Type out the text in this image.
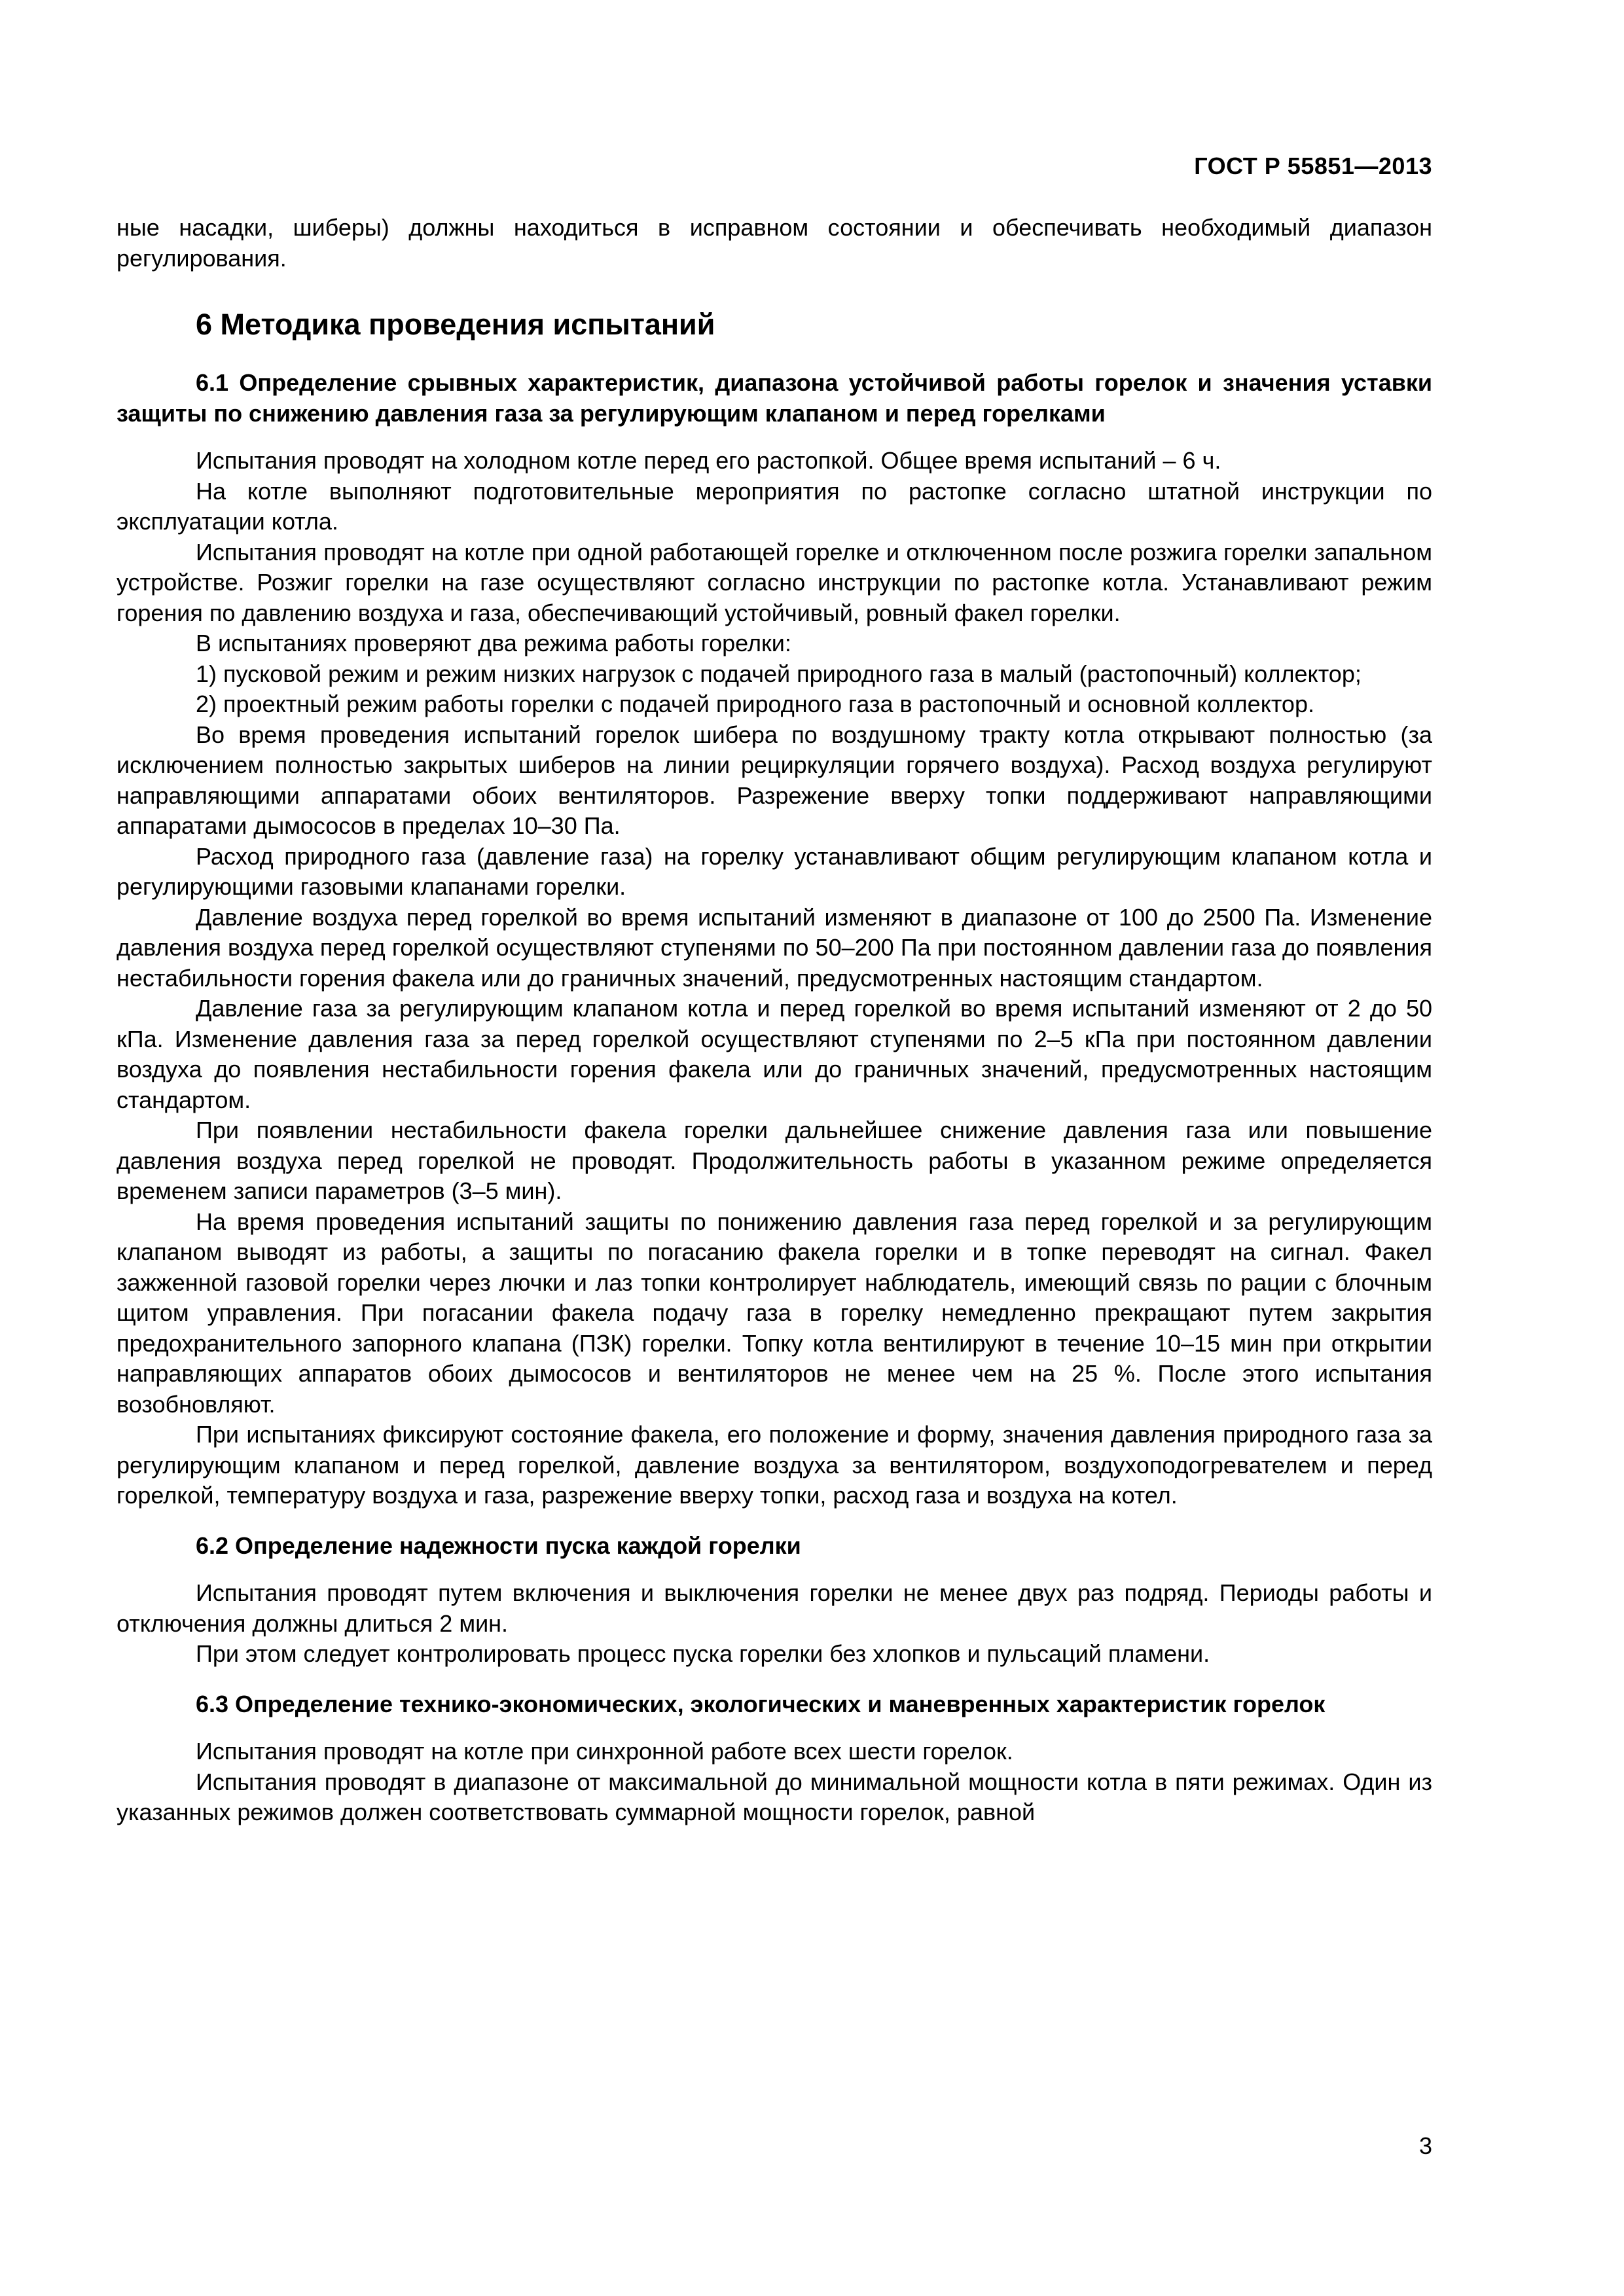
ГОСТ Р 55851—2013

ные насадки, шиберы) должны находиться в исправном состоянии и обеспечивать необходимый диапазон регулирования.

6 Методика проведения испытаний
6.1 Определение срывных характеристик, диапазона устойчивой работы горелок и значения уставки защиты по снижению давления газа за регулирующим клапаном и перед горелками

Испытания проводят на холодном котле перед его растопкой. Общее время испытаний – 6 ч.

На котле выполняют подготовительные мероприятия по растопке согласно штатной инструкции по эксплуатации котла.

Испытания проводят на котле при одной работающей горелке и отключенном после розжига горелки запальном устройстве. Розжиг горелки на газе осуществляют согласно инструкции по растопке котла. Устанавливают режим горения по давлению воздуха и газа, обеспечивающий устойчивый, ровный факел горелки.

В испытаниях проверяют два режима работы горелки:

1) пусковой режим и режим низких нагрузок с подачей природного газа в малый (растопочный) коллектор;

2) проектный режим работы горелки с подачей природного газа в растопочный и основной коллектор.

Во время проведения испытаний горелок шибера по воздушному тракту котла открывают полностью (за исключением полностью закрытых шиберов на линии рециркуляции горячего воздуха). Расход воздуха регулируют направляющими аппаратами обоих вентиляторов. Разрежение вверху топки поддерживают направляющими аппаратами дымососов в пределах 10–30 Па.

Расход природного газа (давление газа) на горелку устанавливают общим регулирующим клапаном котла и регулирующими газовыми клапанами горелки.

Давление воздуха перед горелкой во время испытаний изменяют в диапазоне от 100 до 2500 Па. Изменение давления воздуха перед горелкой осуществляют ступенями по 50–200 Па при постоянном давлении газа до появления нестабильности горения факела или до граничных значений, предусмотренных настоящим стандартом.

Давление газа за регулирующим клапаном котла и перед горелкой во время испытаний изменяют от 2 до 50 кПа. Изменение давления газа за перед горелкой осуществляют ступенями по 2–5 кПа при постоянном давлении воздуха до появления нестабильности горения факела или до граничных значений, предусмотренных настоящим стандартом.

При появлении нестабильности факела горелки дальнейшее снижение давления газа или повышение давления воздуха перед горелкой не проводят. Продолжительность работы в указанном режиме определяется временем записи параметров (3–5 мин).

На время проведения испытаний защиты по понижению давления газа перед горелкой и за регулирующим клапаном выводят из работы, а защиты по погасанию факела горелки и в топке переводят на сигнал. Факел зажженной газовой горелки через лючки и лаз топки контролирует наблюдатель, имеющий связь по рации с блочным щитом управления. При погасании факела подачу газа в горелку немедленно прекращают путем закрытия предохранительного запорного клапана (ПЗК) горелки. Топку котла вентилируют в течение 10–15 мин при открытии направляющих аппаратов обоих дымососов и вентиляторов не менее чем на 25 %. После этого испытания возобновляют.

При испытаниях фиксируют состояние факела, его положение и форму, значения давления природного газа за регулирующим клапаном и перед горелкой, давление воздуха за вентилятором, воздухоподогревателем и перед горелкой, температуру воздуха и газа, разрежение вверху топки, расход газа и воздуха на котел.

6.2 Определение надежности пуска каждой горелки

Испытания проводят путем включения и выключения горелки не менее двух раз подряд. Периоды работы и отключения должны длиться 2 мин.

При этом следует контролировать процесс пуска горелки без хлопков и пульсаций пламени.

6.3 Определение технико-экономических, экологических и маневренных характеристик горелок

Испытания проводят на котле при синхронной работе всех шести горелок.

Испытания проводят в диапазоне от максимальной до минимальной мощности котла в пяти режимах. Один из указанных режимов должен соответствовать суммарной мощности горелок, равной

3
